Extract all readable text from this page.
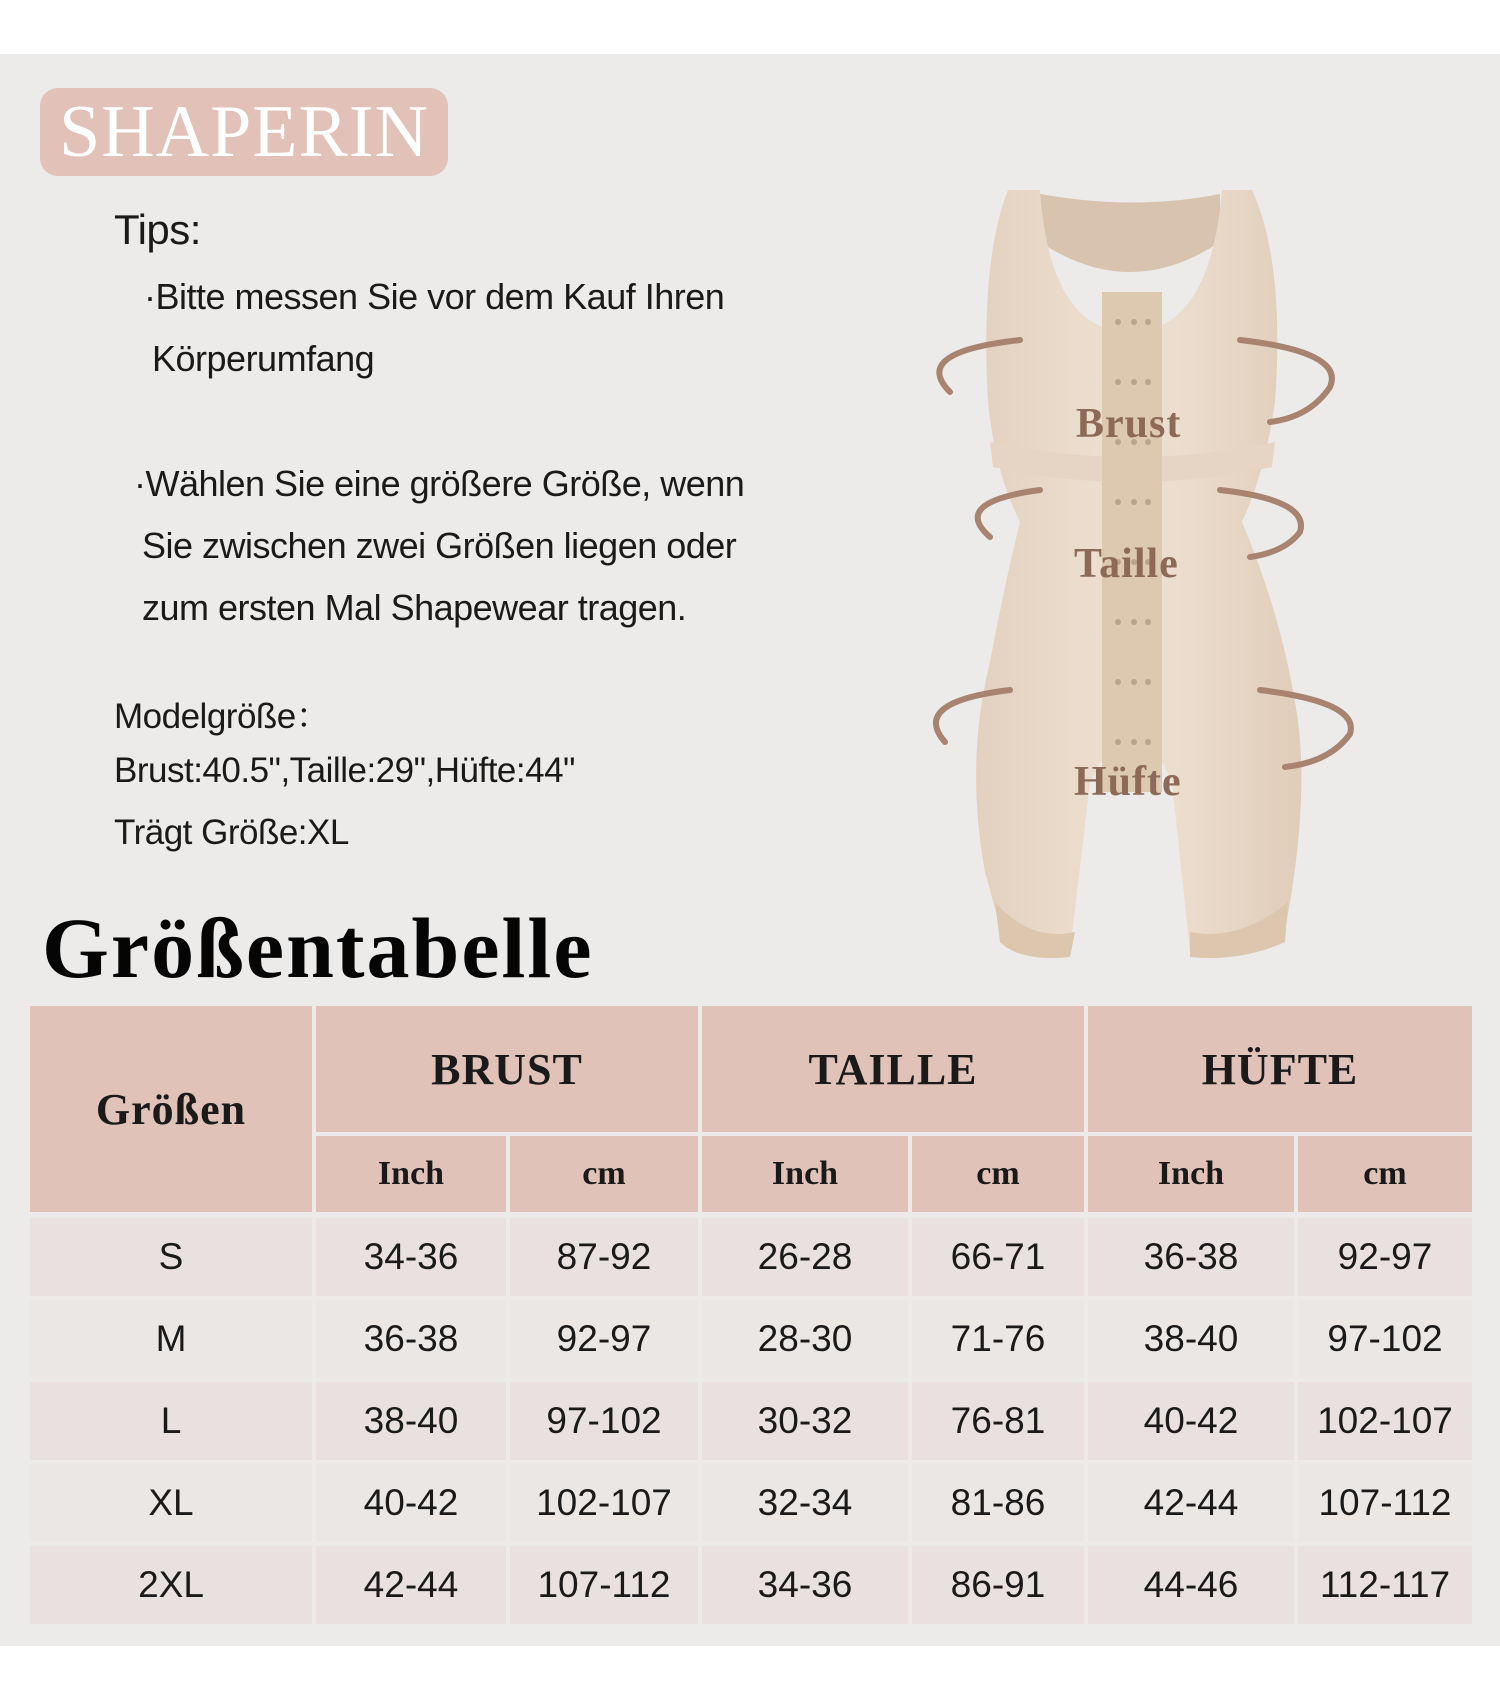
SHAPERIN
Tips:
·Bitte messen Sie vor dem Kauf Ihren
Körperumfang
·Wählen Sie eine größere Größe, wenn
Sie zwischen zwei Größen liegen oder
zum ersten Mal Shapewear tragen.
Modelgröße：
Brust:40.5",Taille:29",Hüfte:44"
Trägt Größe:XL
Brust
Taille
Hüfte
Größentabelle
Größen
BRUST	TAILLE	HÜFTE
Inch	cm	Inch	cm	Inch	cm
S	34-36	87-92	26-28	66-71	36-38	92-97
M	36-38	92-97	28-30	71-76	38-40	97-102
L	38-40	97-102	30-32	76-81	40-42	102-107
XL	40-42	102-107	32-34	81-86	42-44	107-112
2XL	42-44	107-112	34-36	86-91	44-46	112-117
